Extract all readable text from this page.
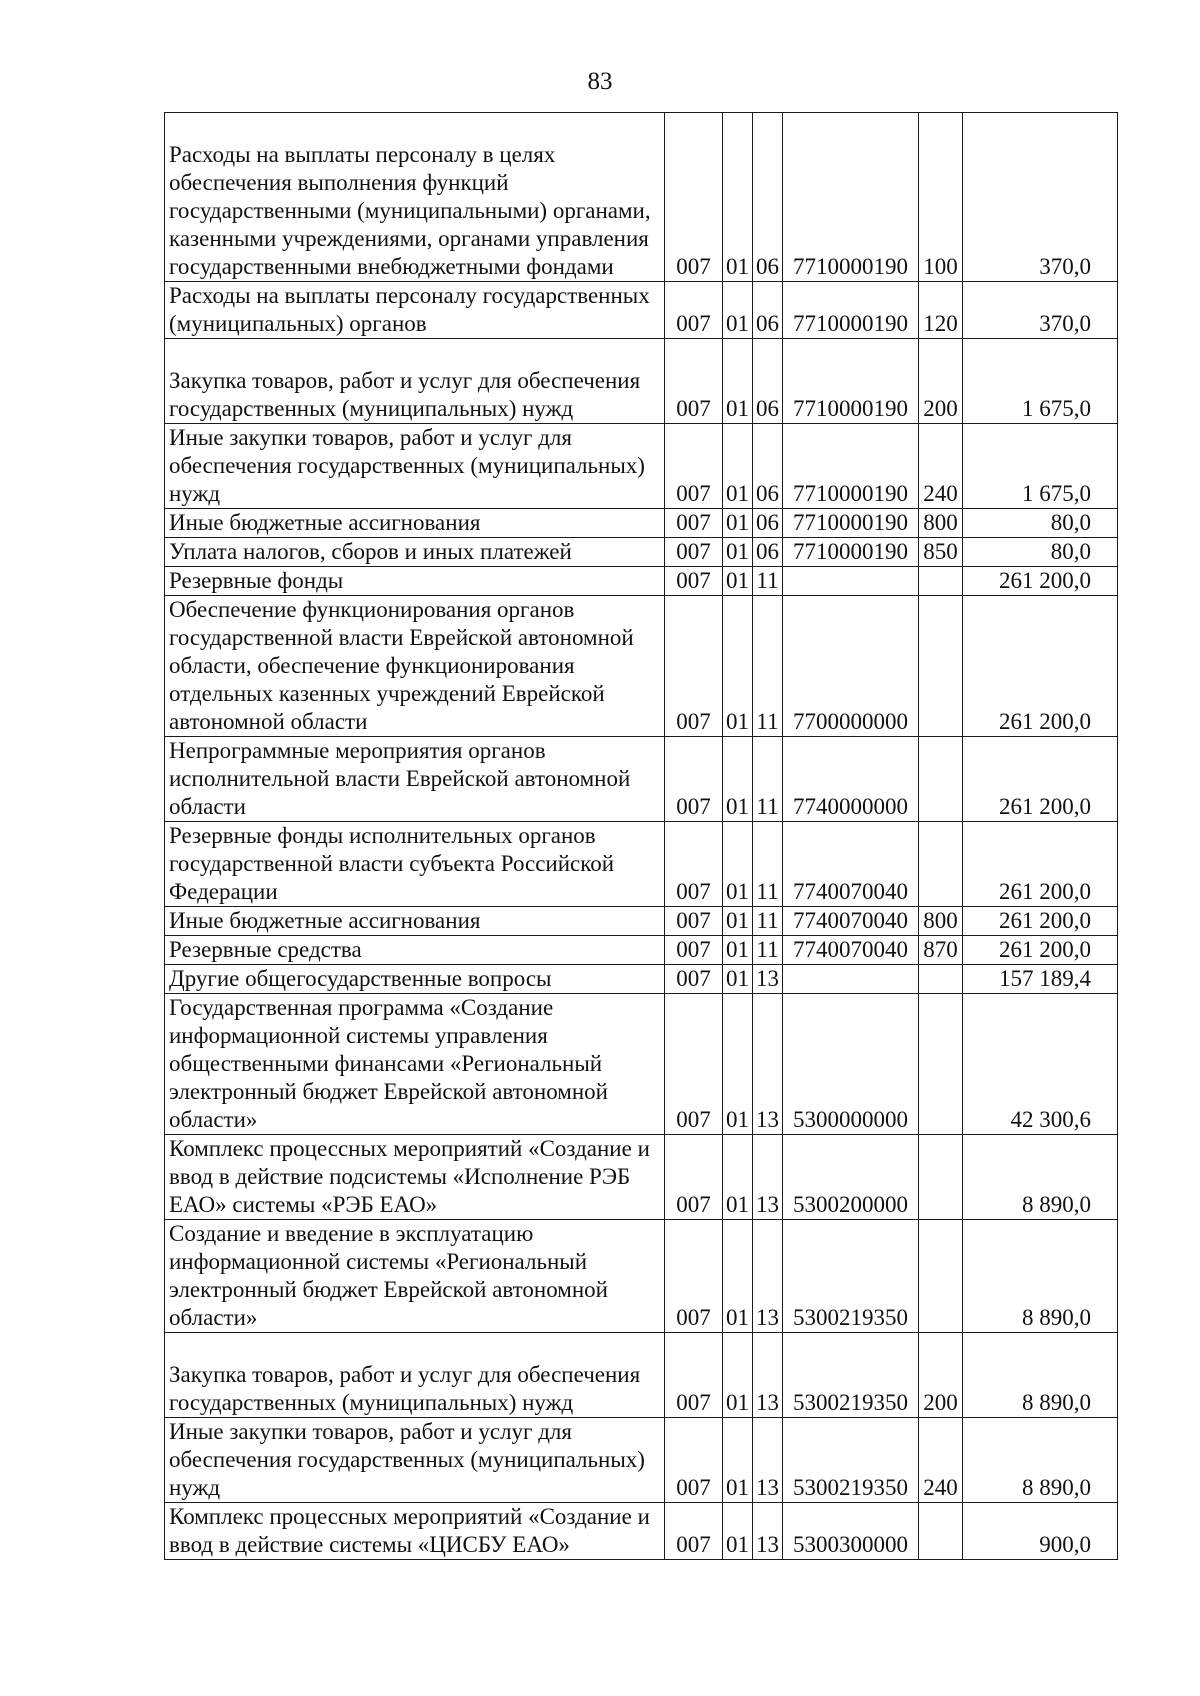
83
Расходы на выплаты персоналу в целях обеспечения выполнения функций государственными (муниципальными) органами, казенными учреждениями, органами управления государственными внебюджетными фондами	007	01	06	7710000190	100	370,0
Расходы на выплаты персоналу государственных (муниципальных) органов	007	01	06	7710000190	120	370,0
Закупка товаров, работ и услуг для обеспечения государственных (муниципальных) нужд	007	01	06	7710000190	200	1 675,0
Иные закупки товаров, работ и услуг для обеспечения государственных (муниципальных) нужд	007	01	06	7710000190	240	1 675,0
Иные бюджетные ассигнования	007	01	06	7710000190	800	80,0
Уплата налогов, сборов и иных платежей	007	01	06	7710000190	850	80,0
Резервные фонды	007	01	11			261 200,0
Обеспечение функционирования органов государственной власти Еврейской автономной области, обеспечение функционирования отдельных казенных учреждений Еврейской автономной области	007	01	11	7700000000		261 200,0
Непрограммные мероприятия органов исполнительной власти Еврейской автономной области	007	01	11	7740000000		261 200,0
Резервные фонды исполнительных органов государственной власти субъекта Российской Федерации	007	01	11	7740070040		261 200,0
Иные бюджетные ассигнования	007	01	11	7740070040	800	261 200,0
Резервные средства	007	01	11	7740070040	870	261 200,0
Другие общегосударственные вопросы	007	01	13			157 189,4
Государственная программа «Создание информационной системы управления общественными финансами «Региональный электронный бюджет Еврейской автономной области»	007	01	13	5300000000		42 300,6
Комплекс процессных мероприятий «Создание и ввод в действие подсистемы «Исполнение РЭБ ЕАО» системы «РЭБ ЕАО»	007	01	13	5300200000		8 890,0
Создание и введение в эксплуатацию информационной системы «Региональный электронный бюджет Еврейской автономной области»	007	01	13	5300219350		8 890,0
Закупка товаров, работ и услуг для обеспечения государственных (муниципальных) нужд	007	01	13	5300219350	200	8 890,0
Иные закупки товаров, работ и услуг для обеспечения государственных (муниципальных) нужд	007	01	13	5300219350	240	8 890,0
Комплекс процессных мероприятий «Создание и ввод в действие системы «ЦИСБУ ЕАО»	007	01	13	5300300000		900,0
